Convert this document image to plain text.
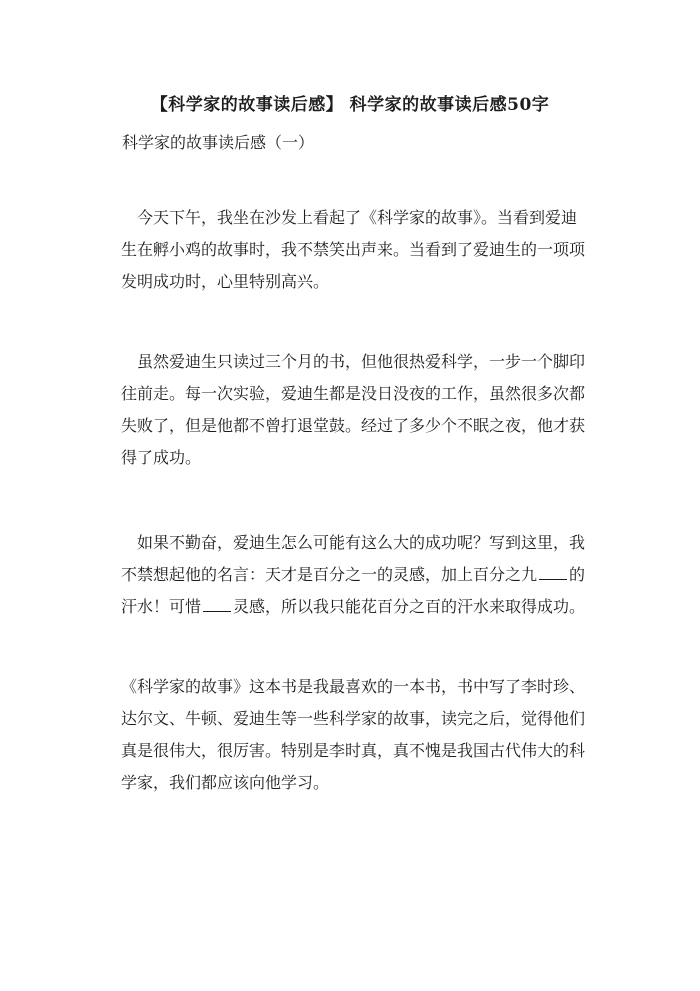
【科学家的故事读后感】 科学家的故事读后感50字
科学家的故事读后感（一）
　今天下午，我坐在沙发上看起了《科学家的故事》。当看到爱迪
生在孵小鸡的故事时，我不禁笑出声来。当看到了爱迪生的一项项
发明成功时，心里特别高兴。
　虽然爱迪生只读过三个月的书，但他很热爱科学，一步一个脚印
往前走。每一次实验，爱迪生都是没日没夜的工作，虽然很多次都
失败了，但是他都不曾打退堂鼓。经过了多少个不眠之夜，他才获
得了成功。
　如果不勤奋，爱迪生怎么可能有这么大的成功呢？写到这里，我
不禁想起他的名言：天才是百分之一的灵感，加上百分之九 的
汗水！可惜 灵感，所以我只能花百分之百的汗水来取得成功。
《科学家的故事》这本书是我最喜欢的一本书，书中写了李时珍、
达尔文、牛顿、爱迪生等一些科学家的故事，读完之后，觉得他们
真是很伟大，很厉害。特别是李时真，真不愧是我国古代伟大的科
学家，我们都应该向他学习。
